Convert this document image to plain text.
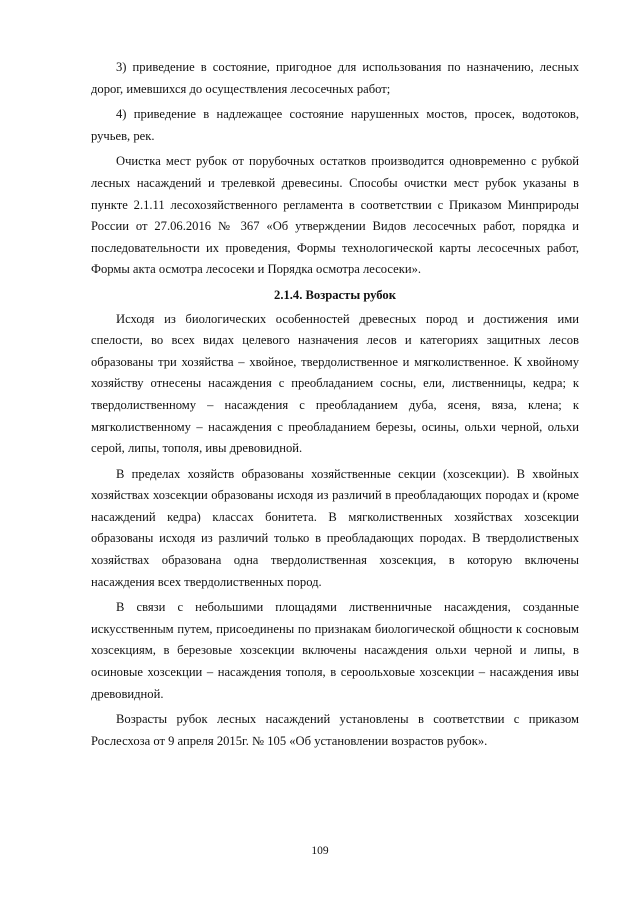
3) приведение в состояние, пригодное для использования по назначению, лесных дорог, имевшихся до осуществления лесосечных работ;

4) приведение в надлежащее состояние нарушенных мостов, просек, водотоков, ручьев, рек.

Очистка мест рубок от порубочных остатков производится одновременно с рубкой лесных насаждений и трелевкой древесины. Способы очистки мест рубок указаны в пункте 2.1.11 лесохозяйственного регламента в соответствии с Приказом Минприроды России от 27.06.2016 № 367 «Об утверждении Видов лесосечных работ, порядка и последовательности их проведения, Формы технологической карты лесосечных работ, Формы акта осмотра лесосеки и Порядка осмотра лесосеки».

2.1.4. Возрасты рубок

Исходя из биологических особенностей древесных пород и достижения ими спелости, во всех видах целевого назначения лесов и категориях защитных лесов образованы три хозяйства – хвойное, твердолиственное и мягколиственное. К хвойному хозяйству отнесены насаждения с преобладанием сосны, ели, лиственницы, кедра; к твердолиственному – насаждения с преобладанием дуба, ясеня, вяза, клена; к мягколиственному – насаждения с преобладанием березы, осины, ольхи черной, ольхи серой, липы, тополя, ивы древовидной.

В пределах хозяйств образованы хозяйственные секции (хозсекции). В хвойных хозяйствах хозсекции образованы исходя из различий в преобладающих породах и (кроме насаждений кедра) классах бонитета. В мягколиственных хозяйствах хозсекции образованы исходя из различий только в преобладающих породах. В твердолиственых хозяйствах образована одна твердолиственная хозсекция, в которую включены насаждения всех твердолиственных пород.

В связи с небольшими площадями лиственничные насаждения, созданные искусственным путем, присоединены по признакам биологической общности к сосновым хозсекциям, в березовые хозсекции включены насаждения ольхи черной и липы, в осиновые хозсекции – насаждения тополя, в сероольховые хозсекции – насаждения ивы древовидной.

Возрасты рубок лесных насаждений установлены в соответствии с приказом Рослесхоза от 9 апреля 2015г. № 105 «Об установлении возрастов рубок».

109
